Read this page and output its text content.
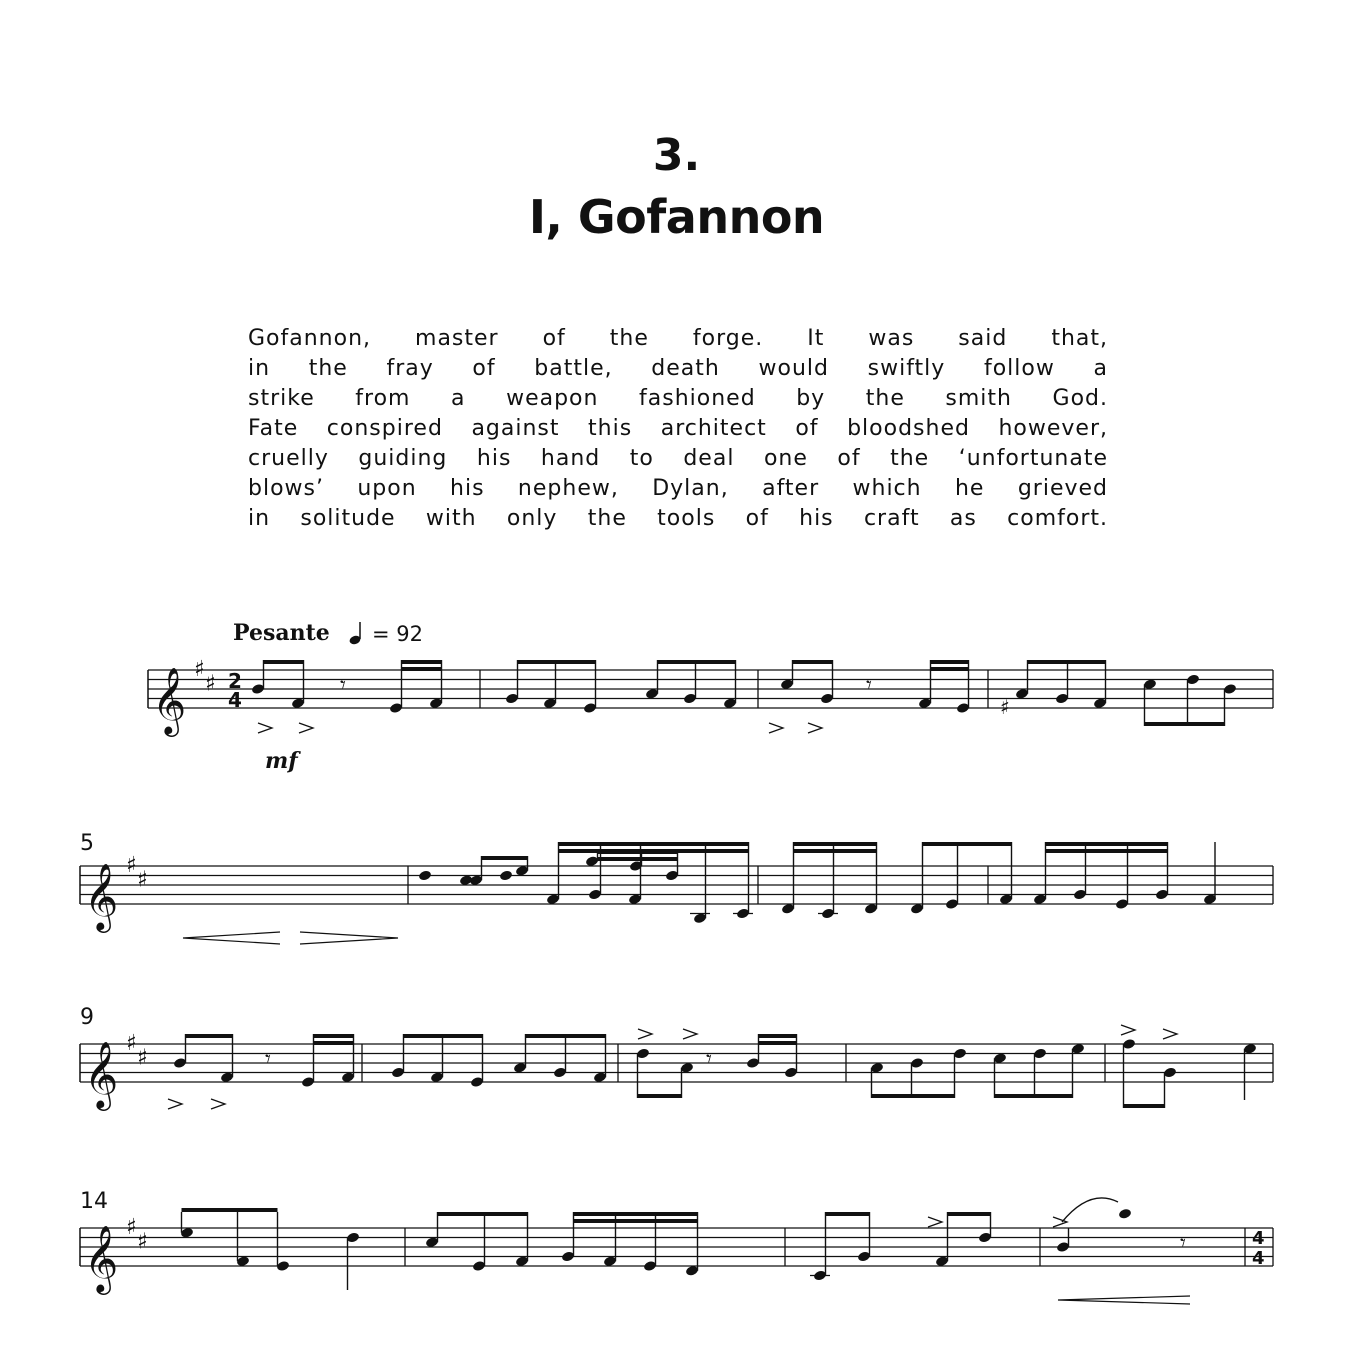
3.
I, Gofannon
Gofannon, master of the forge. It was said that,
in the fray of battle, death would swiftly follow a
strike from a weapon fashioned by the smith God.
Fate conspired against this architect of bloodshed however,
cruelly guiding his hand to deal one of the ‘unfortunate
blows’ upon his nephew, Dylan, after which he grieved
in solitude with only the tools of his craft as comfort.
Pesante = 92
5
9
14
𝄞 ♯
♯
𝄞 ♯
♯
𝄞 ♯
♯
𝄞 ♯
♯
2
4
4
4
mf
𝄾	𝄾
♯
𝄾	𝄾
𝄾
